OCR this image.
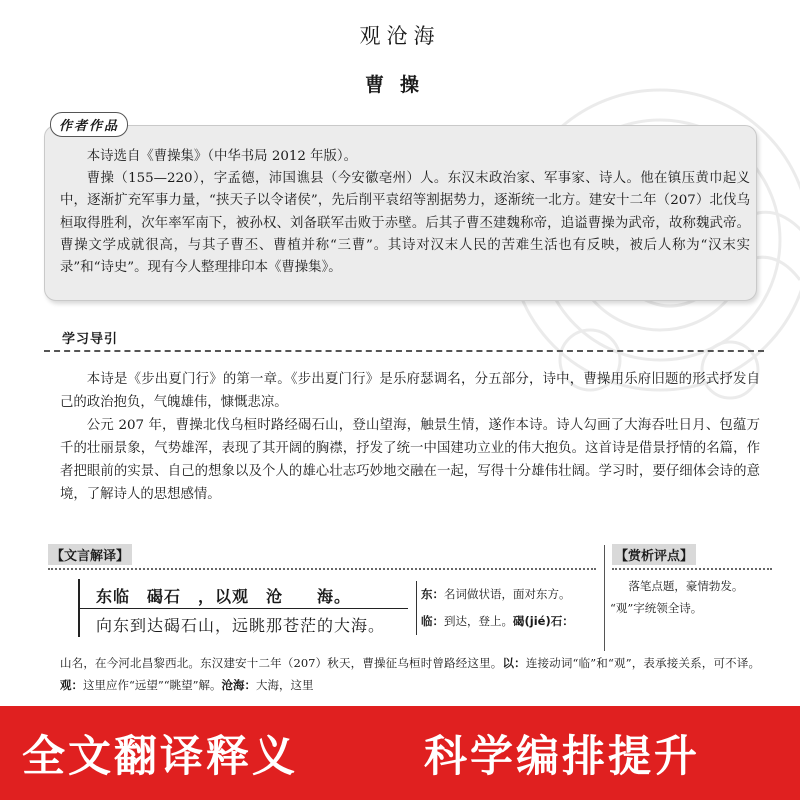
观沧海
曹操
作者作品

本诗选自《曹操集》（中华书局 2012 年版）。

曹操（155—220），字孟德，沛国谯县（今安徽亳州）人。东汉末政治家、军事家、诗人。他在镇压黄巾起义中，逐渐扩充军事力量，“挟天子以令诸侯”，先后削平袁绍等割据势力，逐渐统一北方。建安十二年（207）北伐乌桓取得胜利，次年率军南下，被孙权、刘备联军击败于赤壁。后其子曹丕建魏称帝，追谥曹操为武帝，故称魏武帝。曹操文学成就很高，与其子曹丕、曹植并称“三曹”。其诗对汉末人民的苦难生活也有反映，被后人称为“汉末实录”和“诗史”。现有今人整理排印本《曹操集》。

学习导引

本诗是《步出夏门行》的第一章。《步出夏门行》是乐府瑟调名，分五部分，诗中，曹操用乐府旧题的形式抒发自己的政治抱负，气魄雄伟，慷慨悲凉。

公元 207 年，曹操北伐乌桓时路经碣石山，登山望海，触景生情，遂作本诗。诗人勾画了大海吞吐日月、包蕴万千的壮丽景象，气势雄浑，表现了其开阔的胸襟，抒发了统一中国建功立业的伟大抱负。这首诗是借景抒情的名篇，作者把眼前的实景、自己的想象以及个人的雄心壮志巧妙地交融在一起，写得十分雄伟壮阔。学习时，要仔细体会诗的意境，了解诗人的思想感情。

【文言解译】	【赏析评点】
东临　碣石　，以观　沧　　海。
向东到达碣石山，远眺那苍茫的大海。
东：名词做状语，面对东方。
临：到达，登上。碣(jié)石：

落笔点题，豪情勃发。

“观”字统领全诗。

山名，在今河北昌黎西北。东汉建安十二年（207）秋天，曹操征乌桓时曾路经这里。以：连接动词“临”和“观”，表承接关系，可不译。观：这里应作“远望”“眺望”解。沧海：大海，这里
全文翻译释义	科学编排提升
